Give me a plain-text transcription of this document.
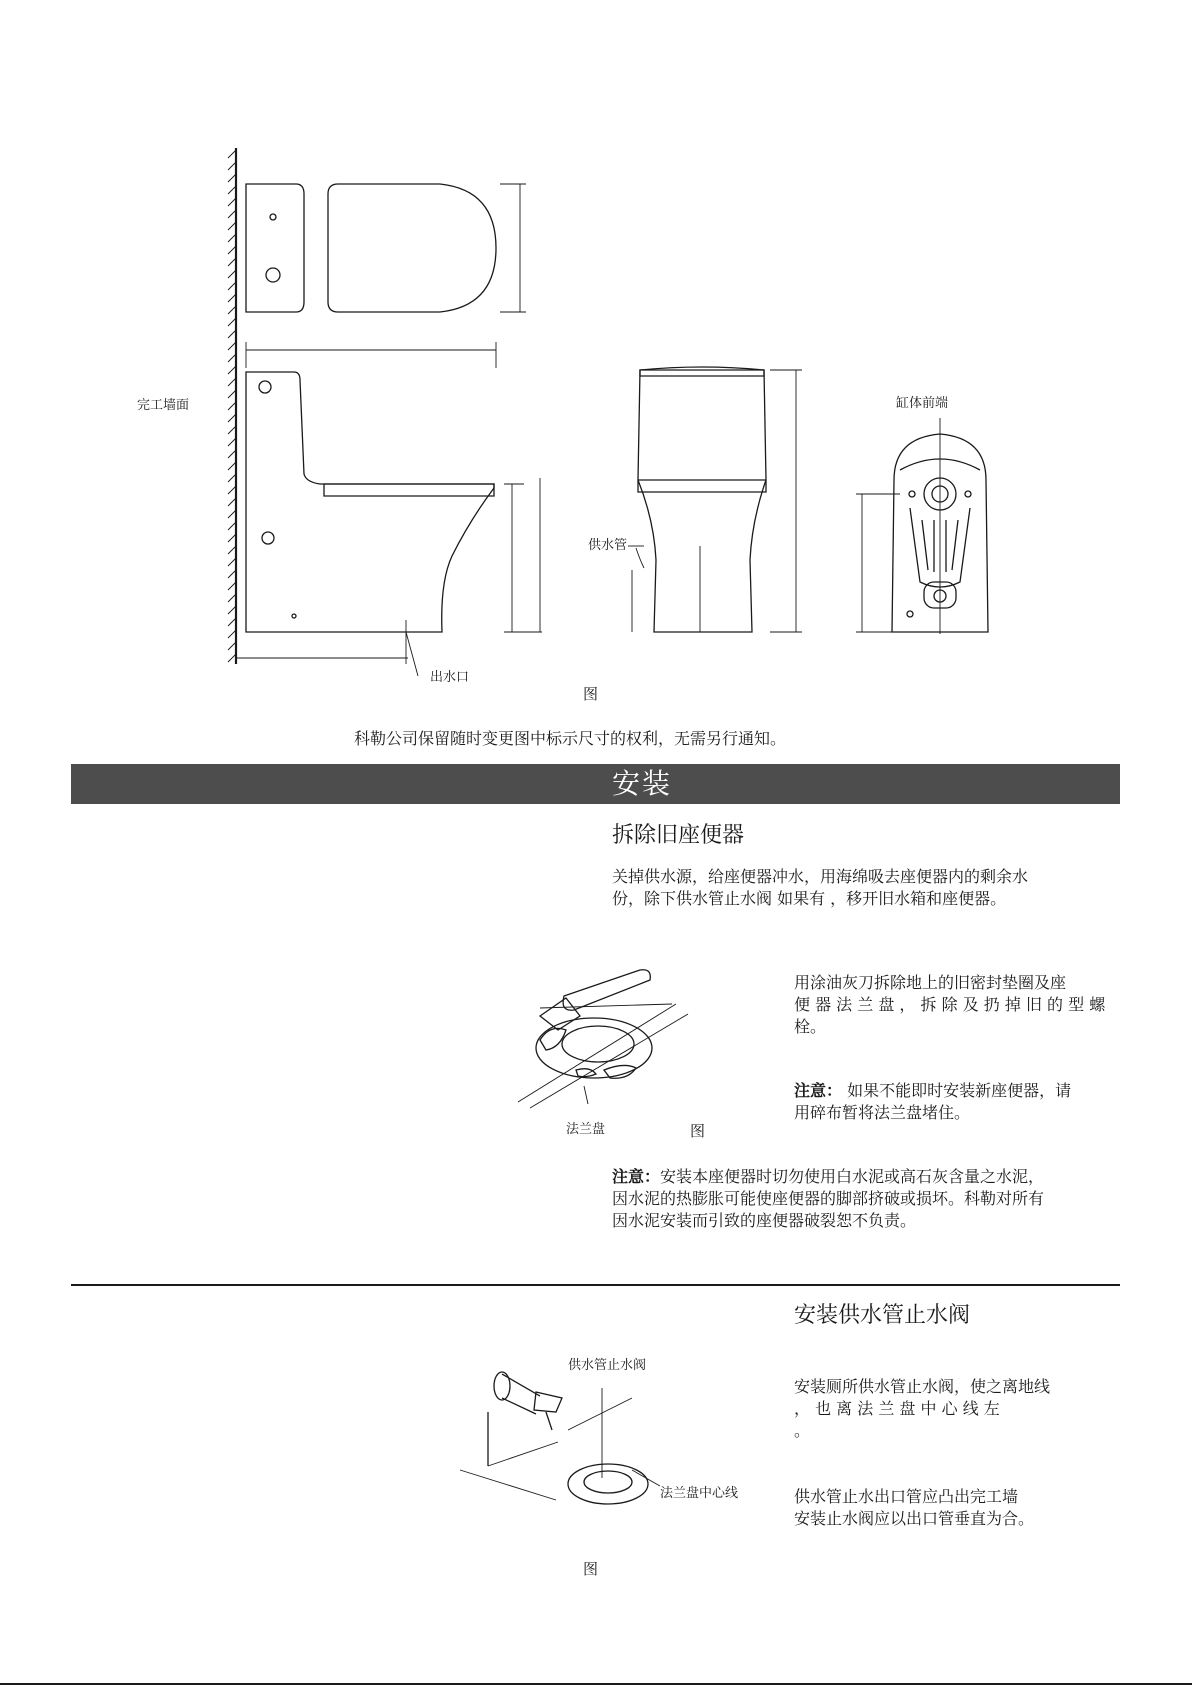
完工墙面
出水口
供水管
缸体前端
图
科勒公司保留随时变更图中标示尺寸的权利，无需另行通知。
安装
拆除旧座便器
关掉供水源，给座便器冲水，用海绵吸去座便器内的剩余水
份，除下供水管止水阀 如果有 ，移开旧水箱和座便器。
法兰盘	图
用涂油灰刀拆除地上的旧密封垫圈及座
便 器 法 兰 盘 ， 拆 除 及 扔 掉 旧 的 型 螺
栓。
注意： 如果不能即时安装新座便器，请
用碎布暂将法兰盘堵住。
注意：安装本座便器时切勿使用白水泥或高石灰含量之水泥，
因水泥的热膨胀可能使座便器的脚部挤破或损坏。科勒对所有
因水泥安装而引致的座便器破裂恕不负责。
安装供水管止水阀
供水管止水阀
法兰盘中心线
图
安装厕所供水管止水阀，使之离地线
， 也 离 法 兰 盘 中 心 线 左
。
供水管止水出口管应凸出完工墙
安装止水阀应以出口管垂直为合。
